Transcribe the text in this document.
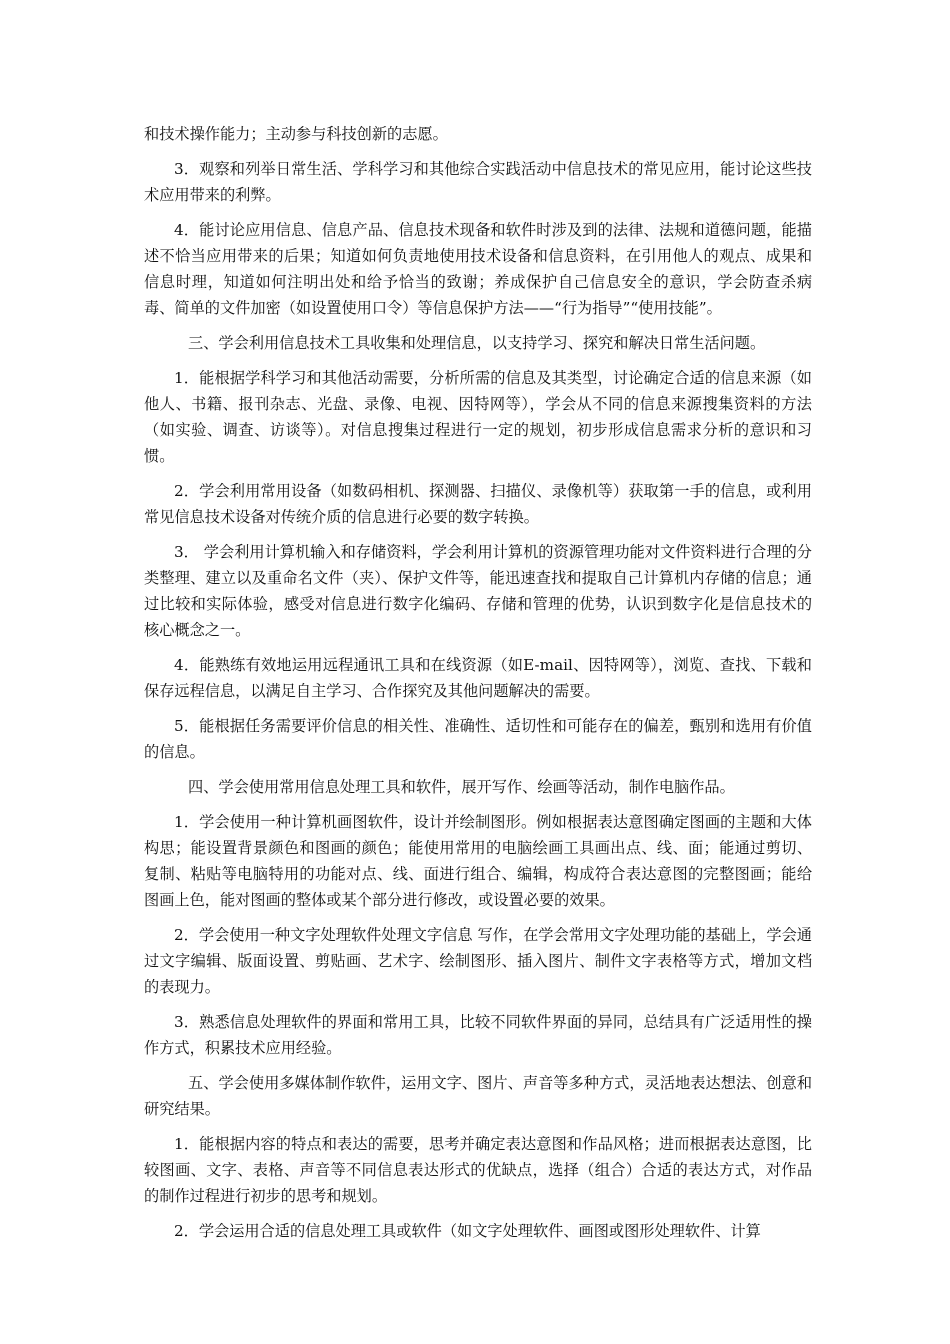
和技术操作能力；主动参与科技创新的志愿。

3．观察和列举日常生活、学科学习和其他综合实践活动中信息技术的常见应用，能讨论这些技术应用带来的利弊。

4．能讨论应用信息、信息产品、信息技术现备和软件时涉及到的法律、法规和道德问题，能描述不恰当应用带来的后果；知道如何负责地使用技术设备和信息资料，在引用他人的观点、成果和信息时理，知道如何注明出处和给予恰当的致谢；养成保护自己信息安全的意识，学会防查杀病毒、简单的文件加密（如设置使用口令）等信息保护方法——“行为指导”“使用技能”。

三、学会利用信息技术工具收集和处理信息，以支持学习、探究和解决日常生活问题。

1．能根据学科学习和其他活动需要，分析所需的信息及其类型，讨论确定合适的信息来源（如他人、书籍、报刊杂志、光盘、录像、电视、因特网等），学会从不同的信息来源搜集资料的方法（如实验、调查、访谈等）。对信息搜集过程进行一定的规划，初步形成信息需求分析的意识和习惯。

2．学会利用常用设备（如数码相机、探测器、扫描仪、录像机等）获取第一手的信息，或利用常见信息技术设备对传统介质的信息进行必要的数字转换。

3． 学会利用计算机输入和存储资料，学会利用计算机的资源管理功能对文件资料进行合理的分类整理、建立以及重命名文件（夹）、保护文件等，能迅速查找和提取自己计算机内存储的信息；通过比较和实际体验，感受对信息进行数字化编码、存储和管理的优势，认识到数字化是信息技术的核心概念之一。

4．能熟练有效地运用远程通讯工具和在线资源（如E-mail、因特网等），浏览、查找、下载和保存远程信息，以满足自主学习、合作探究及其他问题解决的需要。

5．能根据任务需要评价信息的相关性、准确性、适切性和可能存在的偏差，甄别和选用有价值的信息。

四、学会使用常用信息处理工具和软件，展开写作、绘画等活动，制作电脑作品。

1．学会使用一种计算机画图软件，设计并绘制图形。例如根据表达意图确定图画的主题和大体构思；能设置背景颜色和图画的颜色；能使用常用的电脑绘画工具画出点、线、面；能通过剪切、复制、粘贴等电脑特用的功能对点、线、面进行组合、编辑，构成符合表达意图的完整图画；能给图画上色，能对图画的整体或某个部分进行修改，或设置必要的效果。

2．学会使用一种文字处理软件处理文字信息 写作，在学会常用文字处理功能的基础上，学会通过文字编辑、版面设置、剪贴画、艺术字、绘制图形、插入图片、制件文字表格等方式，增加文档的表现力。

3．熟悉信息处理软件的界面和常用工具，比较不同软件界面的异同，总结具有广泛适用性的操作方式，积累技术应用经验。

五、学会使用多媒体制作软件，运用文字、图片、声音等多种方式，灵活地表达想法、创意和研究结果。

1．能根据内容的特点和表达的需要，思考并确定表达意图和作品风格；进而根据表达意图，比较图画、文字、表格、声音等不同信息表达形式的优缺点，选择（组合）合适的表达方式，对作品的制作过程进行初步的思考和规划。

2．学会运用合适的信息处理工具或软件（如文字处理软件、画图或图形处理软件、计算
